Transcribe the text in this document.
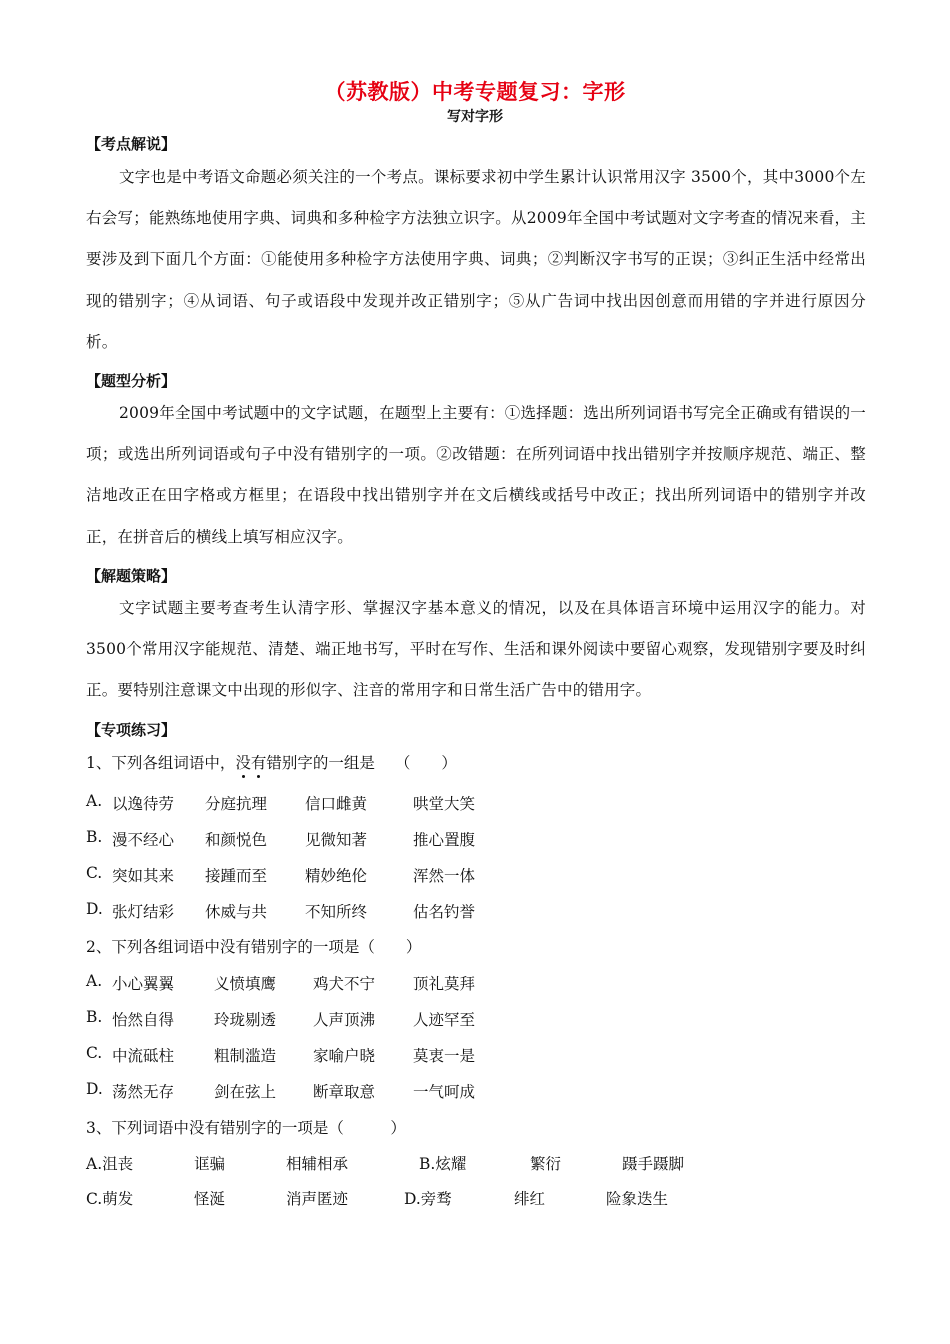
（苏教版）中考专题复习：字形
写对字形
【考点解说】
文字也是中考语文命题必须关注的一个考点。课标要求初中学生累计认识常用汉字 3500个，其中3000个左右会写；能熟练地使用字典、词典和多种检字方法独立识字。从2009年全国中考试题对文字考查的情况来看，主要涉及到下面几个方面：①能使用多种检字方法使用字典、词典；②判断汉字书写的正误；③纠正生活中经常出现的错别字；④从词语、句子或语段中发现并改正错别字；⑤从广告词中找出因创意而用错的字并进行原因分析。
【题型分析】
2009年全国中考试题中的文字试题，在题型上主要有：①选择题：选出所列词语书写完全正确或有错误的一项；或选出所列词语或句子中没有错别字的一项。②改错题：在所列词语中找出错别字并按顺序规范、端正、整洁地改正在田字格或方框里；在语段中找出错别字并在文后横线或括号中改正；找出所列词语中的错别字并改正，在拼音后的横线上填写相应汉字。
【解题策略】
文字试题主要考查考生认清字形、掌握汉字基本意义的情况，以及在具体语言环境中运用汉字的能力。对3500个常用汉字能规范、清楚、端正地书写，平时在写作、生活和课外阅读中要留心观察，发现错别字要及时纠正。要特别注意课文中出现的形似字、注音的常用字和日常生活广告中的错用字。
【专项练习】
1、下列各组词语中，没有错别字的一组是 （　　）
A. 以逸待劳 分庭抗理 信口雌黄	哄堂大笑
B. 漫不经心 和颜悦色 见微知著	推心置腹
C. 突如其来 接踵而至 精妙绝伦	浑然一体
D. 张灯结彩 休威与共 不知所终	估名钓誉
2、下列各组词语中没有错别字的一项是（　　）
A. 小心翼翼	义愤填鹰 鸡犬不宁 顶礼莫拜
B. 怡然自得	玲珑剔透 人声顶沸 人迹罕至
C. 中流砥柱	粗制滥造 家喻户晓 莫衷一是
D. 荡然无存	剑在弦上 断章取意 一气呵成
3、下列词语中没有错别字的一项是（　　　）
A.沮丧	诓骗	相辅相承	B.炫耀	繁衍	蹑手蹑脚
C.萌发	怪涎	消声匿迹	D.旁骛	绯红	险象迭生
